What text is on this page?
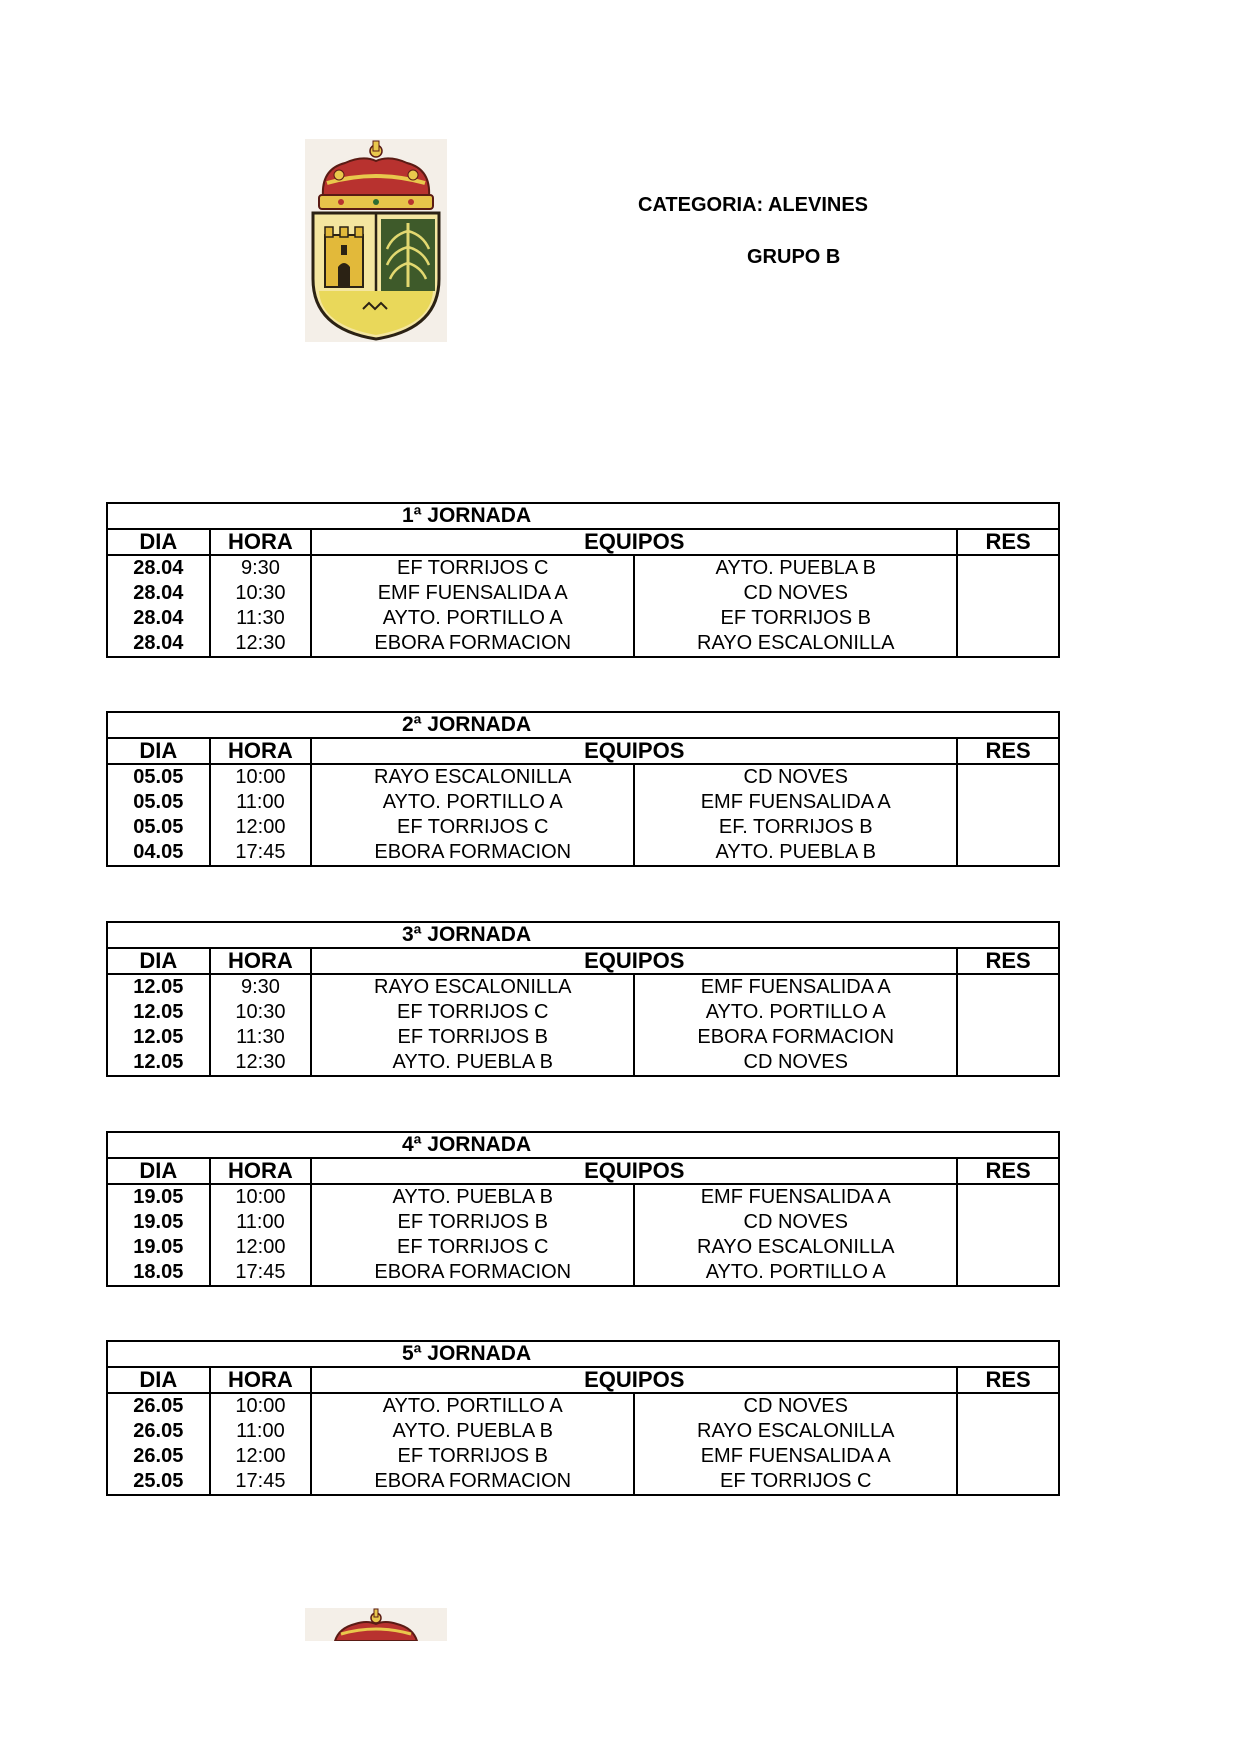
CATEGORIA: ALEVINES
GRUPO B
1ª JORNADA				
DIA	HORA	EQUIPOS		RES
28.04	9:30	EF TORRIJOS C	AYTO. PUEBLA B	
28.04	10:30	EMF FUENSALIDA A	CD NOVES	
28.04	11:30	AYTO. PORTILLO A	EF TORRIJOS B	
28.04	12:30	EBORA FORMACION	RAYO ESCALONILLA	
2ª JORNADA				
DIA	HORA	EQUIPOS		RES
05.05	10:00	RAYO ESCALONILLA	CD NOVES	
05.05	11:00	AYTO. PORTILLO A	EMF FUENSALIDA A	
05.05	12:00	EF TORRIJOS C	EF. TORRIJOS B	
04.05	17:45	EBORA FORMACION	AYTO. PUEBLA B	
3ª JORNADA				
DIA	HORA	EQUIPOS		RES
12.05	9:30	RAYO ESCALONILLA	EMF FUENSALIDA A	
12.05	10:30	EF TORRIJOS C	AYTO. PORTILLO A	
12.05	11:30	EF TORRIJOS B	EBORA FORMACION	
12.05	12:30	AYTO. PUEBLA B	CD NOVES	
4ª JORNADA				
DIA	HORA	EQUIPOS		RES
19.05	10:00	AYTO. PUEBLA B	EMF FUENSALIDA A	
19.05	11:00	EF TORRIJOS B	CD NOVES	
19.05	12:00	EF TORRIJOS C	RAYO ESCALONILLA	
18.05	17:45	EBORA FORMACION	AYTO. PORTILLO A	
5ª JORNADA				
DIA	HORA	EQUIPOS		RES
26.05	10:00	AYTO. PORTILLO A	CD NOVES	
26.05	11:00	AYTO. PUEBLA B	RAYO ESCALONILLA	
26.05	12:00	EF TORRIJOS B	EMF FUENSALIDA A	
25.05	17:45	EBORA FORMACION	EF TORRIJOS C	
